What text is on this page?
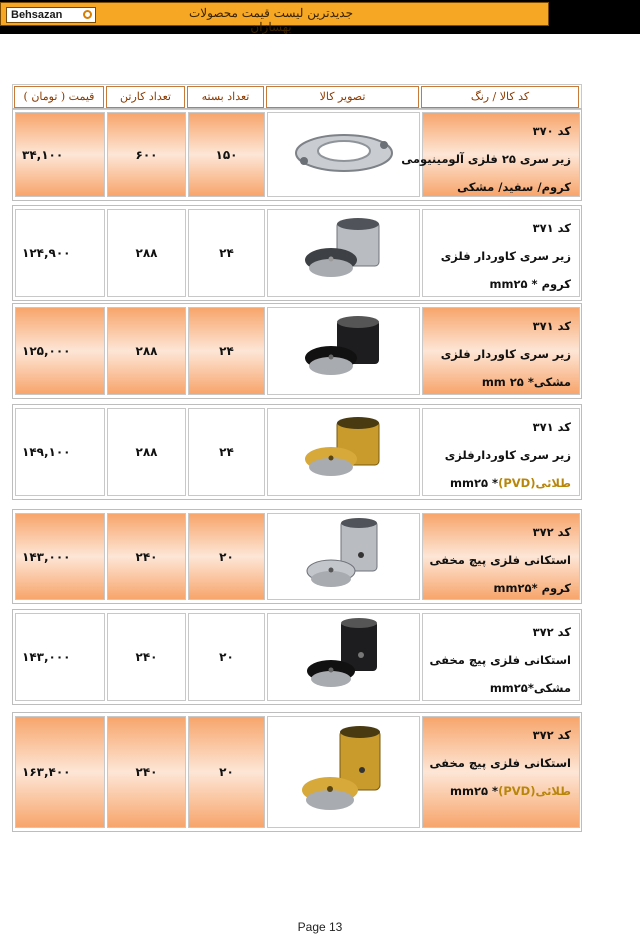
Behsazan	جدیدترین لیست قیمت محصولات بهسازان
قیمت ( تومان )	تعداد کارتن	تعداد بسته	تصویر کالا	کد کالا / رنگ
۳۴,۱۰۰	۶۰۰	۱۵۰
کد ۳۷۰
زیر سری ۲۵ فلزی آلومینیومی
کروم/ سفید/ مشکی
۱۲۴,۹۰۰	۲۸۸	۲۴
کد ۳۷۱
زیر سری کاوردار فلزی
کروم * mm۲۵
۱۲۵,۰۰۰	۲۸۸	۲۴
کد ۳۷۱
زیر سری کاوردار فلزی
مشکی* mm ۲۵
۱۴۹,۱۰۰	۲۸۸	۲۴
کد ۳۷۱
زیر سری کاوردارفلزی
طلائی(PVD)* mm۲۵
۱۴۳,۰۰۰	۲۴۰	۲۰
کد ۳۷۲
استکانی فلزی پیچ مخفی
کروم *mm۲۵
۱۴۳,۰۰۰	۲۴۰	۲۰
کد ۳۷۲
استکانی فلزی پیچ مخفی
مشکی*mm۲۵
۱۶۳,۴۰۰	۲۴۰	۲۰
کد ۳۷۲
استکانی فلزی پیچ مخفی
طلائی(PVD)* mm۲۵
Page 13
